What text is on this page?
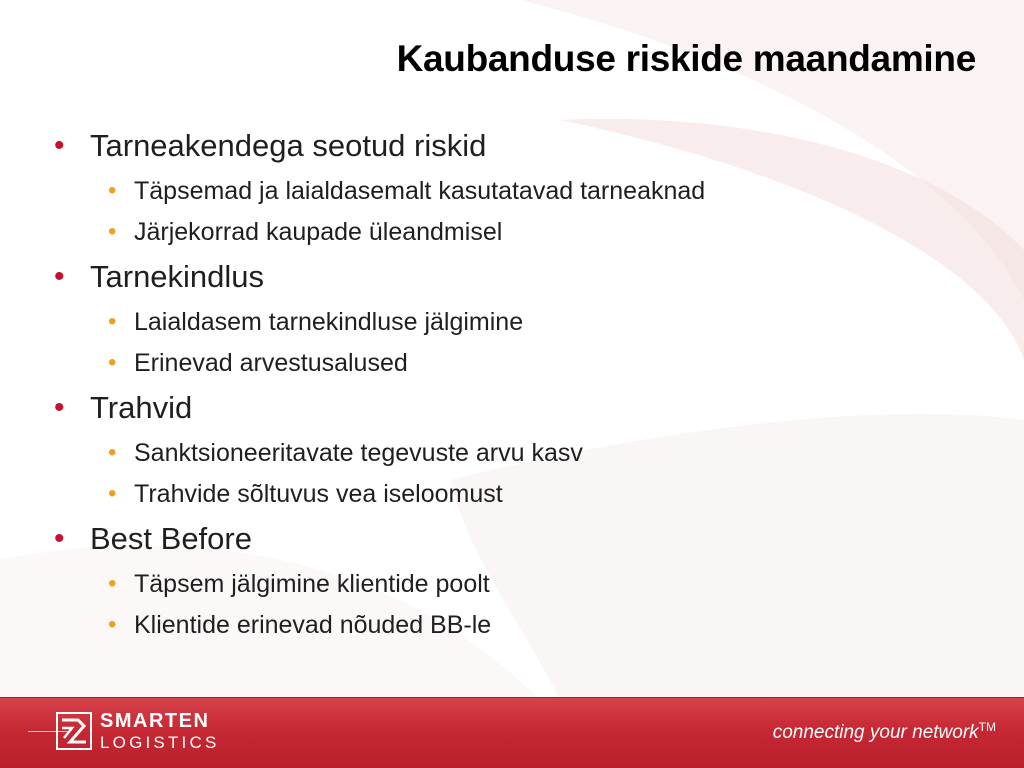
Kaubanduse riskide maandamine
• Tarneakendega seotud riskid
• Täpsemad ja laialdasemalt kasutatavad tarneaknad
• Järjekorrad kaupade üleandmisel
• Tarnekindlus
• Laialdasem tarnekindluse jälgimine
• Erinevad arvestusalused
• Trahvid
• Sanktsioneeritavate tegevuste arvu kasv
• Trahvide sõltuvus vea iseloomust
• Best Before
• Täpsem jälgimine klientide poolt
• Klientide erinevad nõuded BB-le
SMARTEN
LOGISTICS	connecting your network™
